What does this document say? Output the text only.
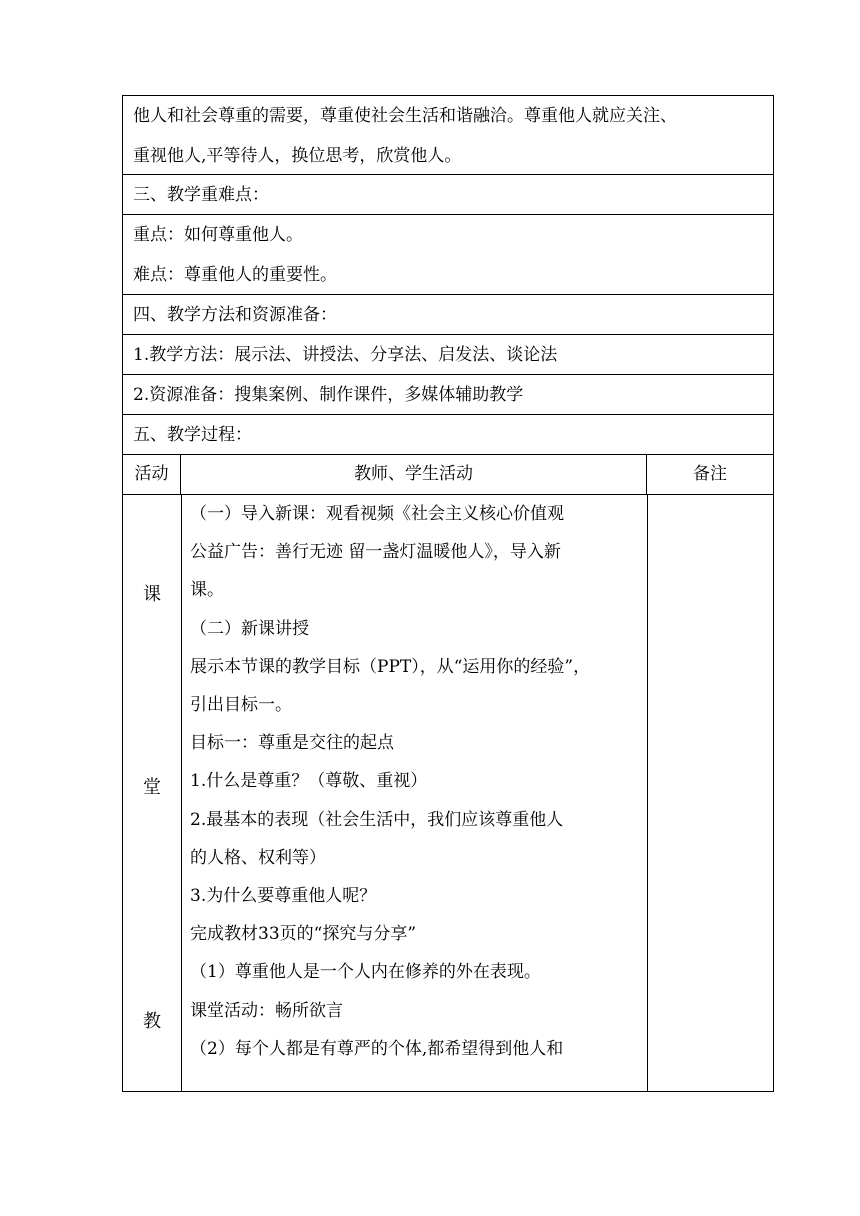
他人和社会尊重的需要，尊重使社会生活和谐融洽。尊重他人就应关注、
重视他人,平等待人，换位思考，欣赏他人。
三、教学重难点：
重点：如何尊重他人。
难点：尊重他人的重要性。
四、教学方法和资源准备：
1.教学方法：展示法、讲授法、分享法、启发法、谈论法
2.资源准备：搜集案例、制作课件，多媒体辅助教学
五、教学过程：
活动	教师、学生活动	备注
课
堂
教
（一）导入新课：观看视频《社会主义核心价值观
公益广告：善行无迹 留一盏灯温暖他人》，导入新
课。
（二）新课讲授
展示本节课的教学目标（PPT），从“运用你的经验”，
引出目标一。
目标一：尊重是交往的起点
1.什么是尊重？（尊敬、重视）
2.最基本的表现（社会生活中，我们应该尊重他人
的人格、权利等）
3.为什么要尊重他人呢？
完成教材33页的“探究与分享”
（1）尊重他人是一个人内在修养的外在表现。
课堂活动：畅所欲言
（2）每个人都是有尊严的个体,都希望得到他人和
